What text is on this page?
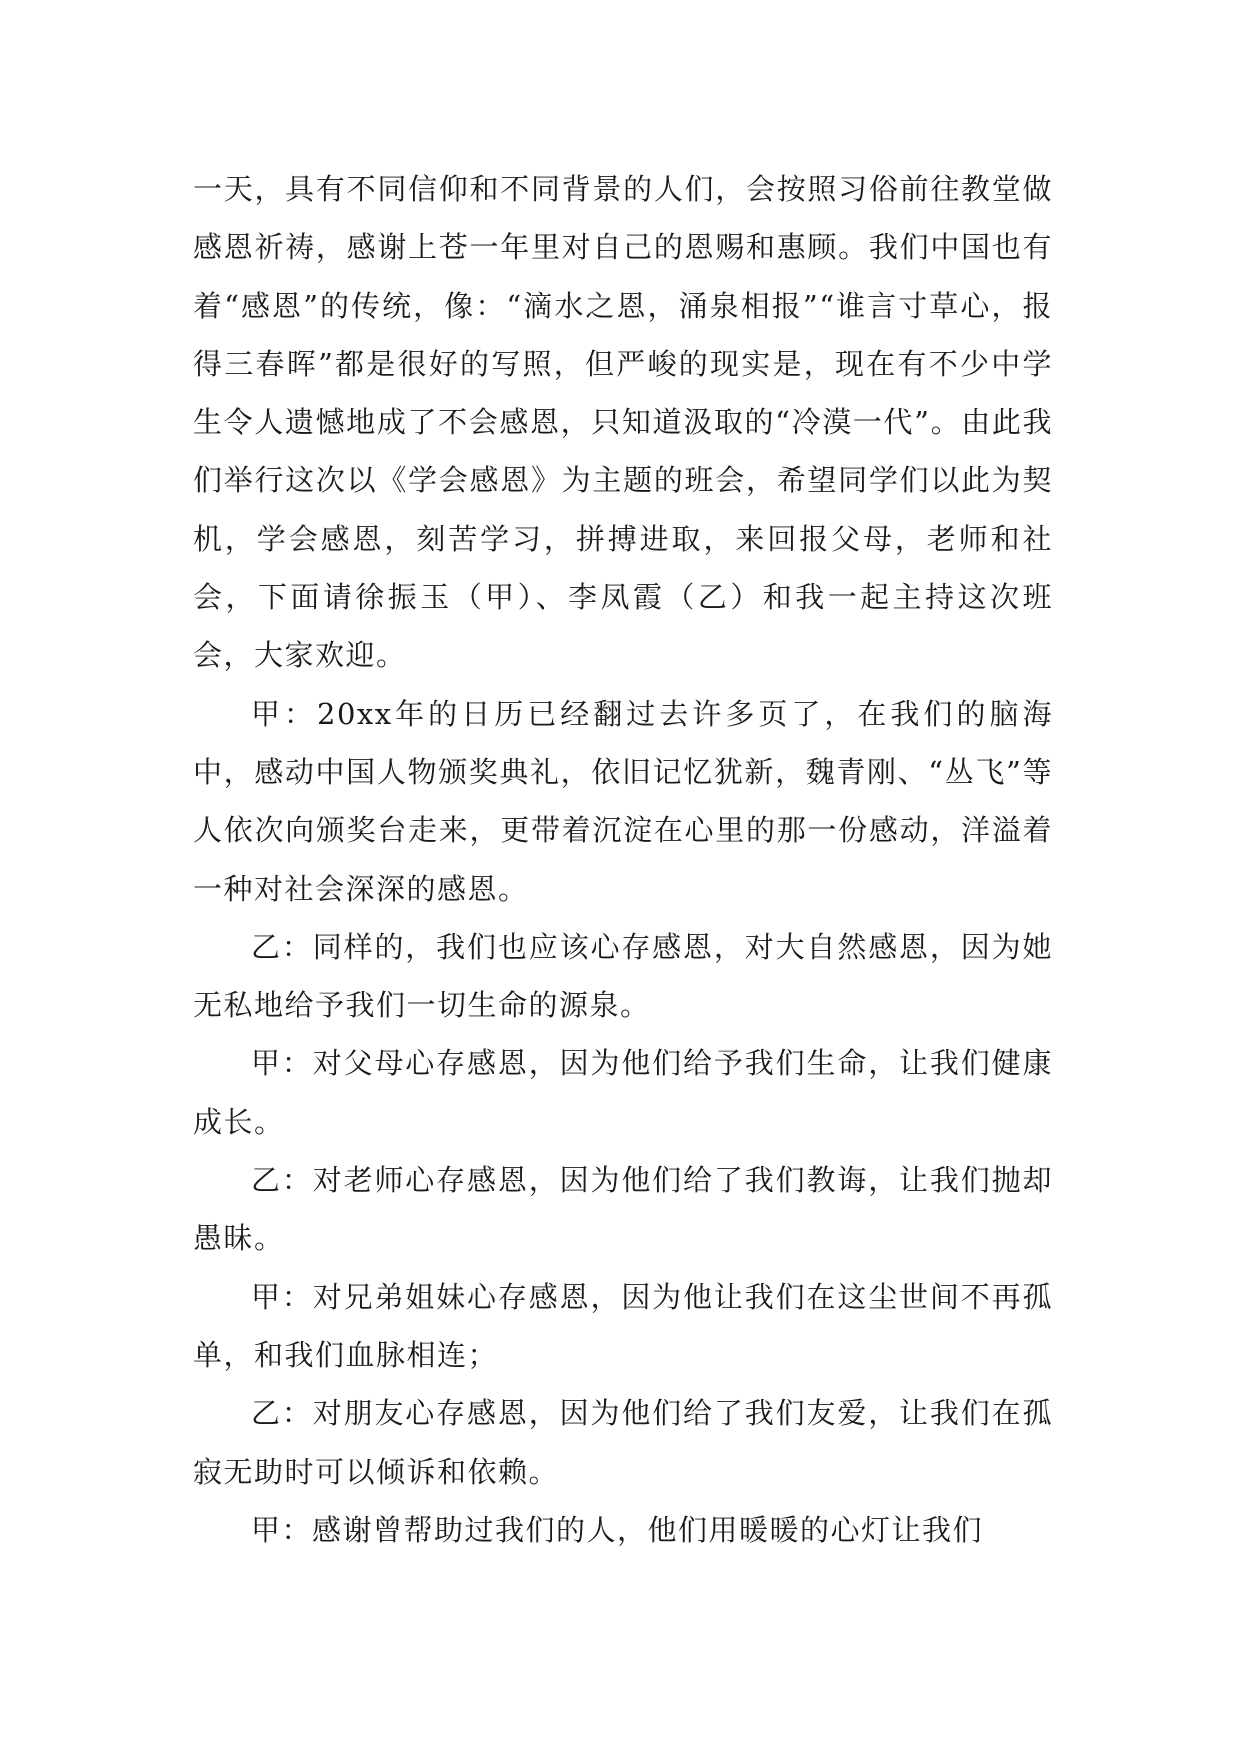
一天，具有不同信仰和不同背景的人们，会按照习俗前往教堂做感恩祈祷，感谢上苍一年里对自己的恩赐和惠顾。我们中国也有着“感恩”的传统，像：“滴水之恩，涌泉相报”“谁言寸草心，报得三春晖”都是很好的写照，但严峻的现实是，现在有不少中学生令人遗憾地成了不会感恩，只知道汲取的“冷漠一代”。由此我们举行这次以《学会感恩》为主题的班会，希望同学们以此为契机，学会感恩，刻苦学习，拼搏进取，来回报父母，老师和社会，下面请徐振玉（甲）、李凤霞（乙）和我一起主持这次班会，大家欢迎。

甲：20xx年的日历已经翻过去许多页了，在我们的脑海中，感动中国人物颁奖典礼，依旧记忆犹新，魏青刚、“丛飞”等人依次向颁奖台走来，更带着沉淀在心里的那一份感动，洋溢着一种对社会深深的感恩。

乙：同样的，我们也应该心存感恩，对大自然感恩，因为她无私地给予我们一切生命的源泉。

甲：对父母心存感恩，因为他们给予我们生命，让我们健康成长。

乙：对老师心存感恩，因为他们给了我们教诲，让我们抛却愚昧。

甲：对兄弟姐妹心存感恩，因为他让我们在这尘世间不再孤单，和我们血脉相连；

乙：对朋友心存感恩，因为他们给了我们友爱，让我们在孤寂无助时可以倾诉和依赖。

甲：感谢曾帮助过我们的人，他们用暖暖的心灯让我们
